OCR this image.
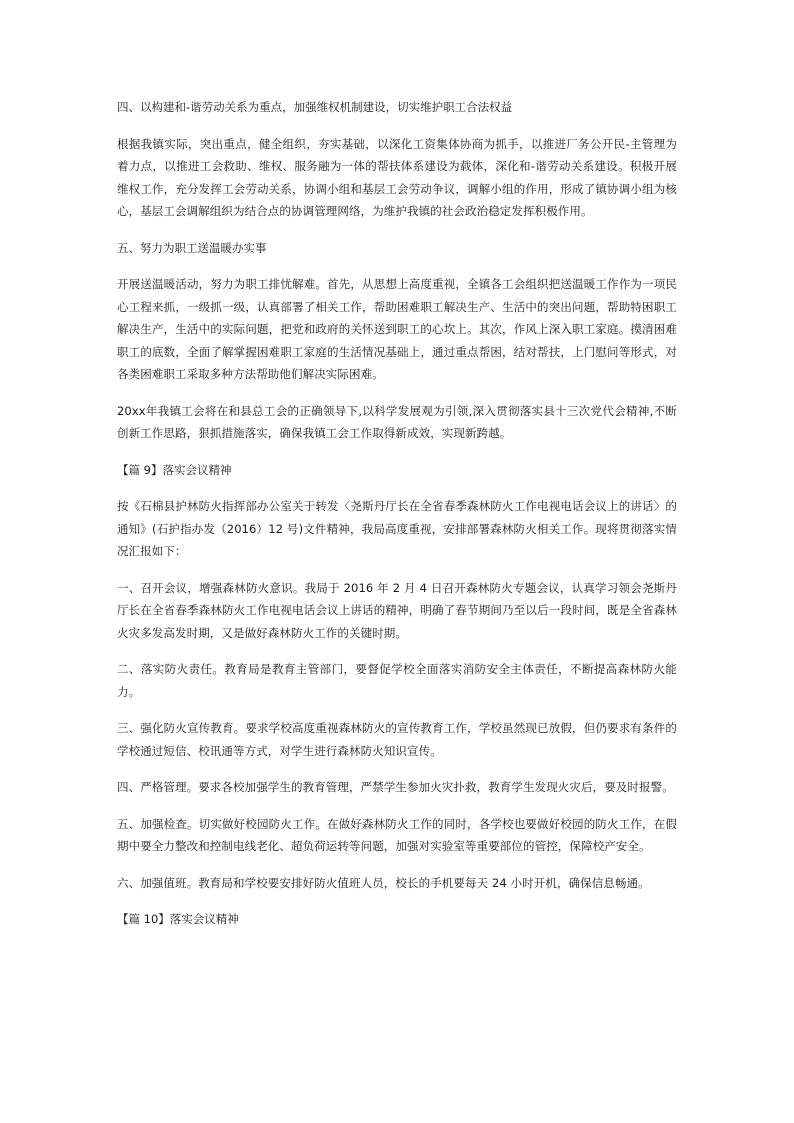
四、以构建和-谐劳动关系为重点，加强维权机制建设，切实维护职工合法权益

根据我镇实际，突出重点，健全组织，夯实基础，以深化工资集体协商为抓手，以推进厂务公开民-主管理为着力点，以推进工会救助、维权、服务融为一体的帮扶体系建设为载体，深化和-谐劳动关系建设。积极开展维权工作，充分发挥工会劳动关系，协调小组和基层工会劳动争议，调解小组的作用，形成了镇协调小组为核心，基层工会调解组织为结合点的协调管理网络，为维护我镇的社会政治稳定发挥积极作用。

五、努力为职工送温暖办实事

开展送温暖活动，努力为职工排忧解难。首先，从思想上高度重视，全镇各工会组织把送温暖工作作为一项民心工程来抓，一级抓一级，认真部署了相关工作，帮助困难职工解决生产、生活中的突出问题，帮助特困职工解决生产，生活中的实际问题，把党和政府的关怀送到职工的心坎上。其次，作风上深入职工家庭。摸清困难职工的底数，全面了解掌握困难职工家庭的生活情况基础上，通过重点帮困，结对帮扶，上门慰问等形式，对各类困难职工采取多种方法帮助他们解决实际困难。

20xx年我镇工会将在和县总工会的正确领导下,以科学发展观为引领,深入贯彻落实县十三次党代会精神,不断创新工作思路，狠抓措施落实，确保我镇工会工作取得新成效，实现新跨越。

【篇 9】落实会议精神

按《石棉县护林防火指挥部办公室关于转发〈尧斯丹厅长在全省春季森林防火工作电视电话会议上的讲话〉的通知》(石护指办发（2016）12 号)文件精神，我局高度重视，安排部署森林防火相关工作。现将贯彻落实情况汇报如下：

一、召开会议，增强森林防火意识。我局于 2016 年 2 月 4 日召开森林防火专题会议，认真学习领会尧斯丹厅长在全省春季森林防火工作电视电话会议上讲话的精神，明确了春节期间乃至以后一段时间，既是全省森林火灾多发高发时期，又是做好森林防火工作的关键时期。

二、落实防火责任。教育局是教育主管部门，要督促学校全面落实消防安全主体责任，不断提高森林防火能力。

三、强化防火宣传教育。要求学校高度重视森林防火的宣传教育工作，学校虽然现已放假，但仍要求有条件的学校通过短信、校讯通等方式，对学生进行森林防火知识宣传。

四、严格管理。要求各校加强学生的教育管理，严禁学生参加火灾扑救，教育学生发现火灾后，要及时报警。

五、加强检查。切实做好校园防火工作。在做好森林防火工作的同时，各学校也要做好校园的防火工作，在假期中要全力整改和控制电线老化、超负荷运转等问题，加强对实验室等重要部位的管控，保障校产安全。

六、加强值班。教育局和学校要安排好防火值班人员，校长的手机要每天 24 小时开机，确保信息畅通。

【篇 10】落实会议精神
